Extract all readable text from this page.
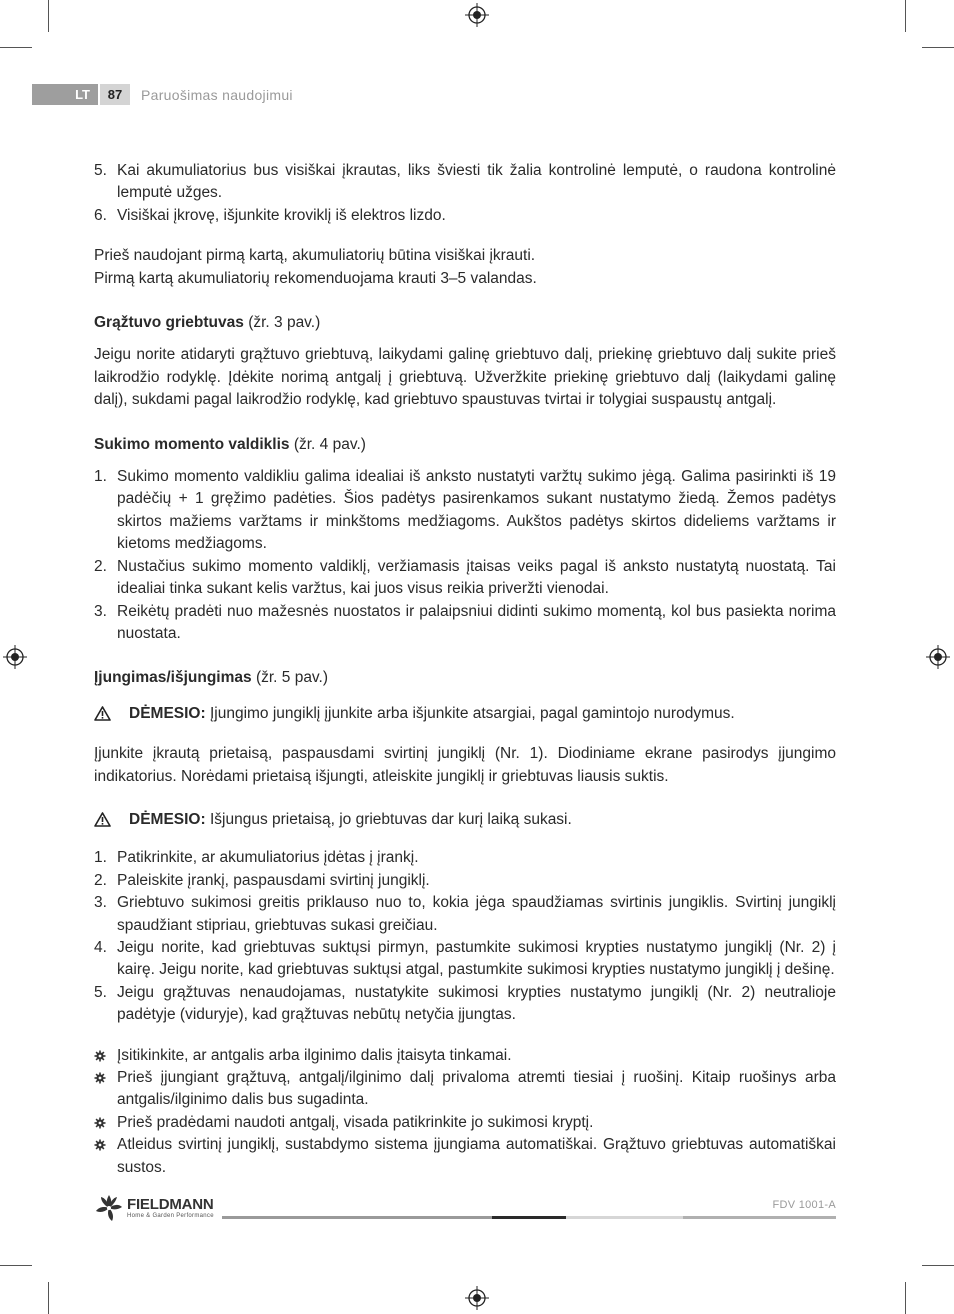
LT	87	Paruošimas naudojimui
5. Kai akumuliatorius bus visiškai įkrautas, liks šviesti tik žalia kontrolinė lemputė, o raudona kontrolinė lemputė užges.
6. Visiškai įkrovę, išjunkite kroviklį iš elektros lizdo.

Prieš naudojant pirmą kartą, akumuliatorių būtina visiškai įkrauti.

Pirmą kartą akumuliatorių rekomenduojama krauti 3–5 valandas.

Grąžtuvo griebtuvas (žr. 3 pav.)

Jeigu norite atidaryti grąžtuvo griebtuvą, laikydami galinę griebtuvo dalį, priekinę griebtuvo dalį sukite prieš laikrodžio rodyklę. Įdėkite norimą antgalį į griebtuvą. Užveržkite priekinę griebtuvo dalį (laikydami galinę dalį), sukdami pagal laikrodžio rodyklę, kad griebtuvo spaustuvas tvirtai ir tolygiai suspaustų antgalį.

Sukimo momento valdiklis (žr. 4 pav.)

1. Sukimo momento valdikliu galima idealiai iš anksto nustatyti varžtų sukimo jėgą. Galima pasirinkti iš 19 padėčių + 1 gręžimo padėties. Šios padėtys pasirenkamos sukant nustatymo žiedą. Žemos padėtys skirtos mažiems varžtams ir minkštoms medžiagoms. Aukštos padėtys skirtos dideliems varžtams ir kietoms medžiagoms.
2. Nustačius sukimo momento valdiklį, veržiamasis įtaisas veiks pagal iš anksto nustatytą nuostatą. Tai idealiai tinka sukant kelis varžtus, kai juos visus reikia priveržti vienodai.
3. Reikėtų pradėti nuo mažesnės nuostatos ir palaipsniui didinti sukimo momentą, kol bus pasiekta norima nuostata.

Įjungimas/išjungimas (žr. 5 pav.)

DĖMESIO: Įjungimo jungiklį įjunkite arba išjunkite atsargiai, pagal gamintojo nurodymus.

Įjunkite įkrautą prietaisą, paspausdami svirtinį jungiklį (Nr. 1). Diodiniame ekrane pasirodys įjungimo indikatorius. Norėdami prietaisą išjungti, atleiskite jungiklį ir griebtuvas liausis suktis.

DĖMESIO: Išjungus prietaisą, jo griebtuvas dar kurį laiką sukasi.

1. Patikrinkite, ar akumuliatorius įdėtas į įrankį.
2. Paleiskite įrankį, paspausdami svirtinį jungiklį.
3. Griebtuvo sukimosi greitis priklauso nuo to, kokia jėga spaudžiamas svirtinis jungiklis. Svirtinį jungiklį spaudžiant stipriau, griebtuvas sukasi greičiau.
4. Jeigu norite, kad griebtuvas suktųsi pirmyn, pastumkite sukimosi krypties nustatymo jungiklį (Nr. 2) į kairę. Jeigu norite, kad griebtuvas suktųsi atgal, pastumkite sukimosi krypties nustatymo jungiklį į dešinę.
5. Jeigu grąžtuvas nenaudojamas, nustatykite sukimosi krypties nustatymo jungiklį (Nr. 2) neutralioje padėtyje (viduryje), kad grąžtuvas nebūtų netyčia įjungtas.
Įsitikinkite, ar antgalis arba ilginimo dalis įtaisyta tinkamai.
Prieš įjungiant grąžtuvą, antgalį/ilginimo dalį privaloma atremti tiesiai į ruošinį. Kitaip ruošinys arba antgalis/ilginimo dalis bus sugadinta.
Prieš pradėdami naudoti antgalį, visada patikrinkite jo sukimosi kryptį.
Atleidus svirtinį jungiklį, sustabdymo sistema įjungiama automatiškai. Grąžtuvo griebtuvas automatiškai sustos.
FIELDMANN
Home & Garden Performance
FDV 1001-A
